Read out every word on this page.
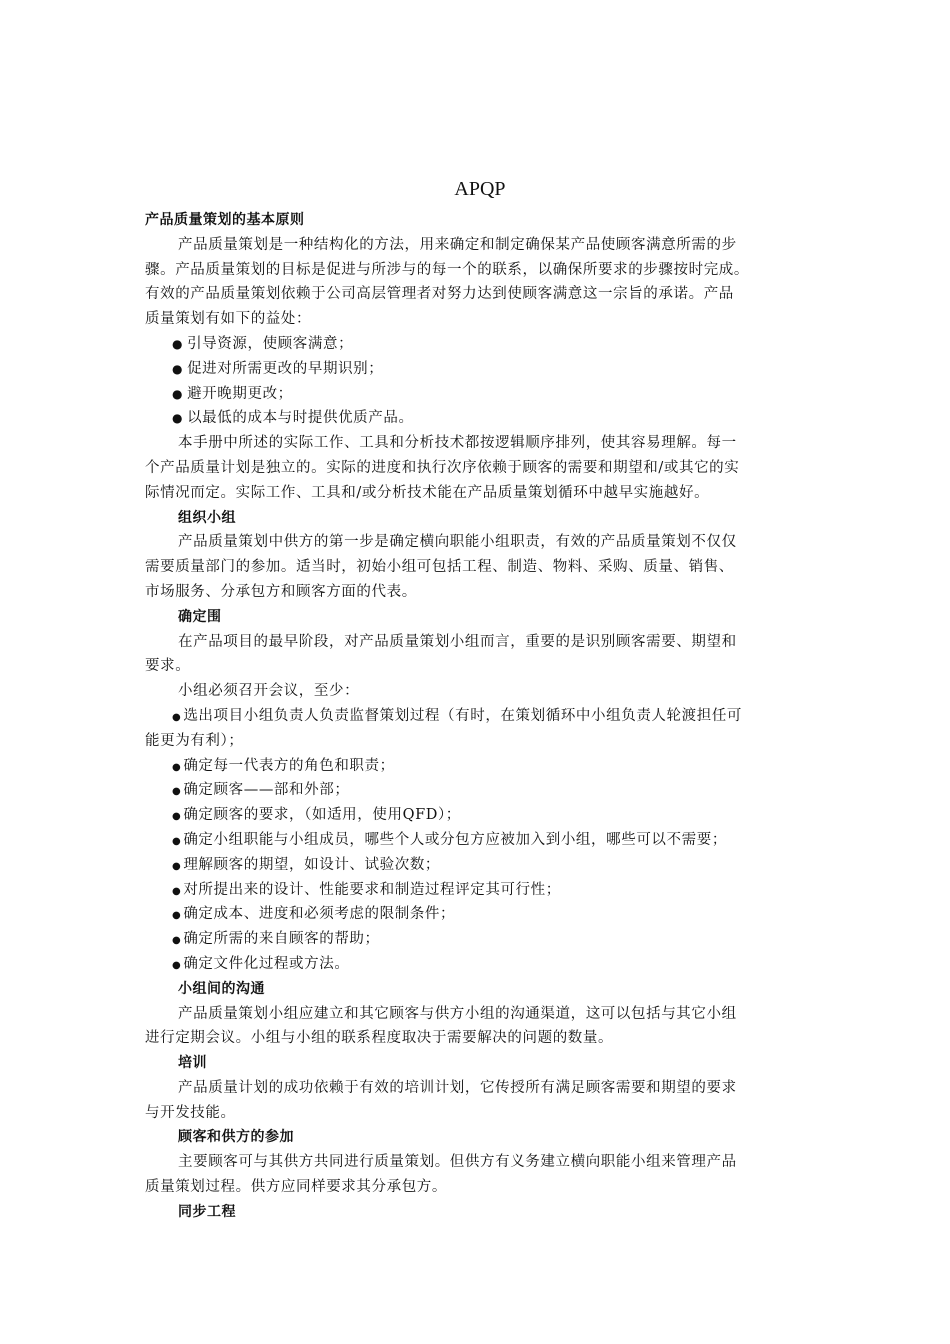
APQP
产品质量策划的基本原则
产品质量策划是一种结构化的方法，用来确定和制定确保某产品使顾客满意所需的步
骤。产品质量策划的目标是促进与所涉与的每一个的联系，以确保所要求的步骤按时完成。
有效的产品质量策划依赖于公司高层管理者对努力达到使顾客满意这一宗旨的承诺。产品
质量策划有如下的益处：
● 引导资源，使顾客满意；
● 促进对所需更改的早期识别；
● 避开晚期更改；
● 以最低的成本与时提供优质产品。
本手册中所述的实际工作、工具和分析技术都按逻辑顺序排列，使其容易理解。每一
个产品质量计划是独立的。实际的进度和执行次序依赖于顾客的需要和期望和/或其它的实
际情况而定。实际工作、工具和/或分析技术能在产品质量策划循环中越早实施越好。
组织小组
产品质量策划中供方的第一步是确定横向职能小组职责，有效的产品质量策划不仅仅
需要质量部门的参加。适当时，初始小组可包括工程、制造、物料、采购、质量、销售、
市场服务、分承包方和顾客方面的代表。
确定围
在产品项目的最早阶段，对产品质量策划小组而言，重要的是识别顾客需要、期望和
要求。
小组必须召开会议，至少：
● 选出项目小组负责人负责监督策划过程（有时，在策划循环中小组负责人轮渡担任可
能更为有利）；
● 确定每一代表方的角色和职责；
● 确定顾客——部和外部；
● 确定顾客的要求，（如适用，使用QFD）；
● 确定小组职能与小组成员，哪些个人或分包方应被加入到小组，哪些可以不需要；
● 理解顾客的期望，如设计、试验次数；
● 对所提出来的设计、性能要求和制造过程评定其可行性；
● 确定成本、进度和必须考虑的限制条件；
● 确定所需的来自顾客的帮助；
● 确定文件化过程或方法。
小组间的沟通
产品质量策划小组应建立和其它顾客与供方小组的沟通渠道，这可以包括与其它小组
进行定期会议。小组与小组的联系程度取决于需要解决的问题的数量。
培训
产品质量计划的成功依赖于有效的培训计划，它传授所有满足顾客需要和期望的要求
与开发技能。
顾客和供方的参加
主要顾客可与其供方共同进行质量策划。但供方有义务建立横向职能小组来管理产品
质量策划过程。供方应同样要求其分承包方。
同步工程
